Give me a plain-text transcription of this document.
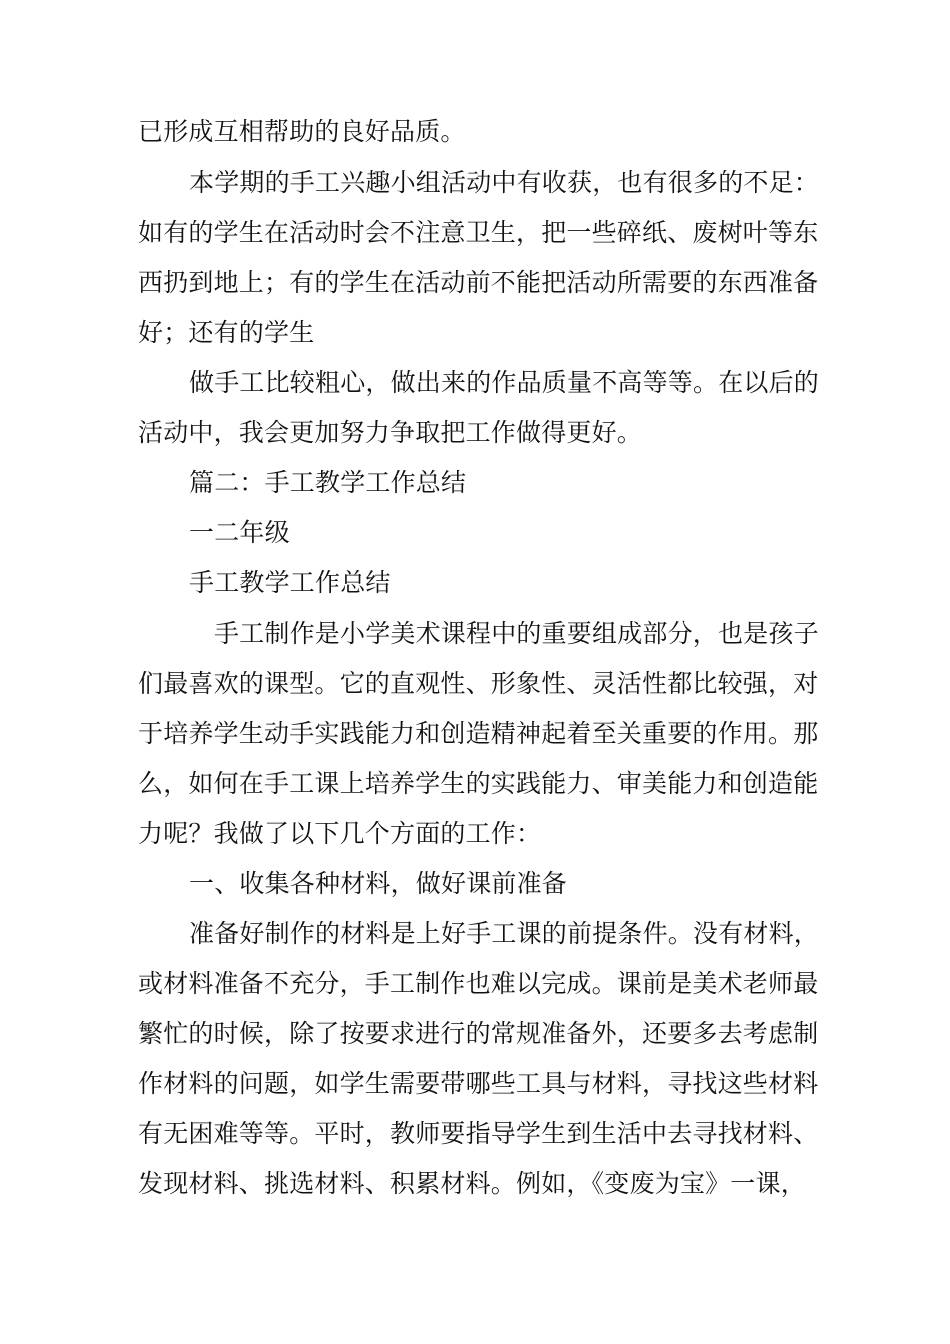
已形成互相帮助的良好品质。
本学期的手工兴趣小组活动中有收获，也有很多的不足：
如有的学生在活动时会不注意卫生，把一些碎纸、废树叶等东
西扔到地上；有的学生在活动前不能把活动所需要的东西准备
好；还有的学生
做手工比较粗心，做出来的作品质量不高等等。在以后的
活动中，我会更加努力争取把工作做得更好。
篇二：手工教学工作总结
一二年级
手工教学工作总结
手工制作是小学美术课程中的重要组成部分，也是孩子
们最喜欢的课型。它的直观性、形象性、灵活性都比较强，对
于培养学生动手实践能力和创造精神起着至关重要的作用。那
么，如何在手工课上培养学生的实践能力、审美能力和创造能
力呢？我做了以下几个方面的工作：
一、收集各种材料，做好课前准备
准备好制作的材料是上好手工课的前提条件。没有材料，
或材料准备不充分，手工制作也难以完成。课前是美术老师最
繁忙的时候，除了按要求进行的常规准备外，还要多去考虑制
作材料的问题，如学生需要带哪些工具与材料，寻找这些材料
有无困难等等。平时，教师要指导学生到生活中去寻找材料、
发现材料、挑选材料、积累材料。例如，《变废为宝》一课，
